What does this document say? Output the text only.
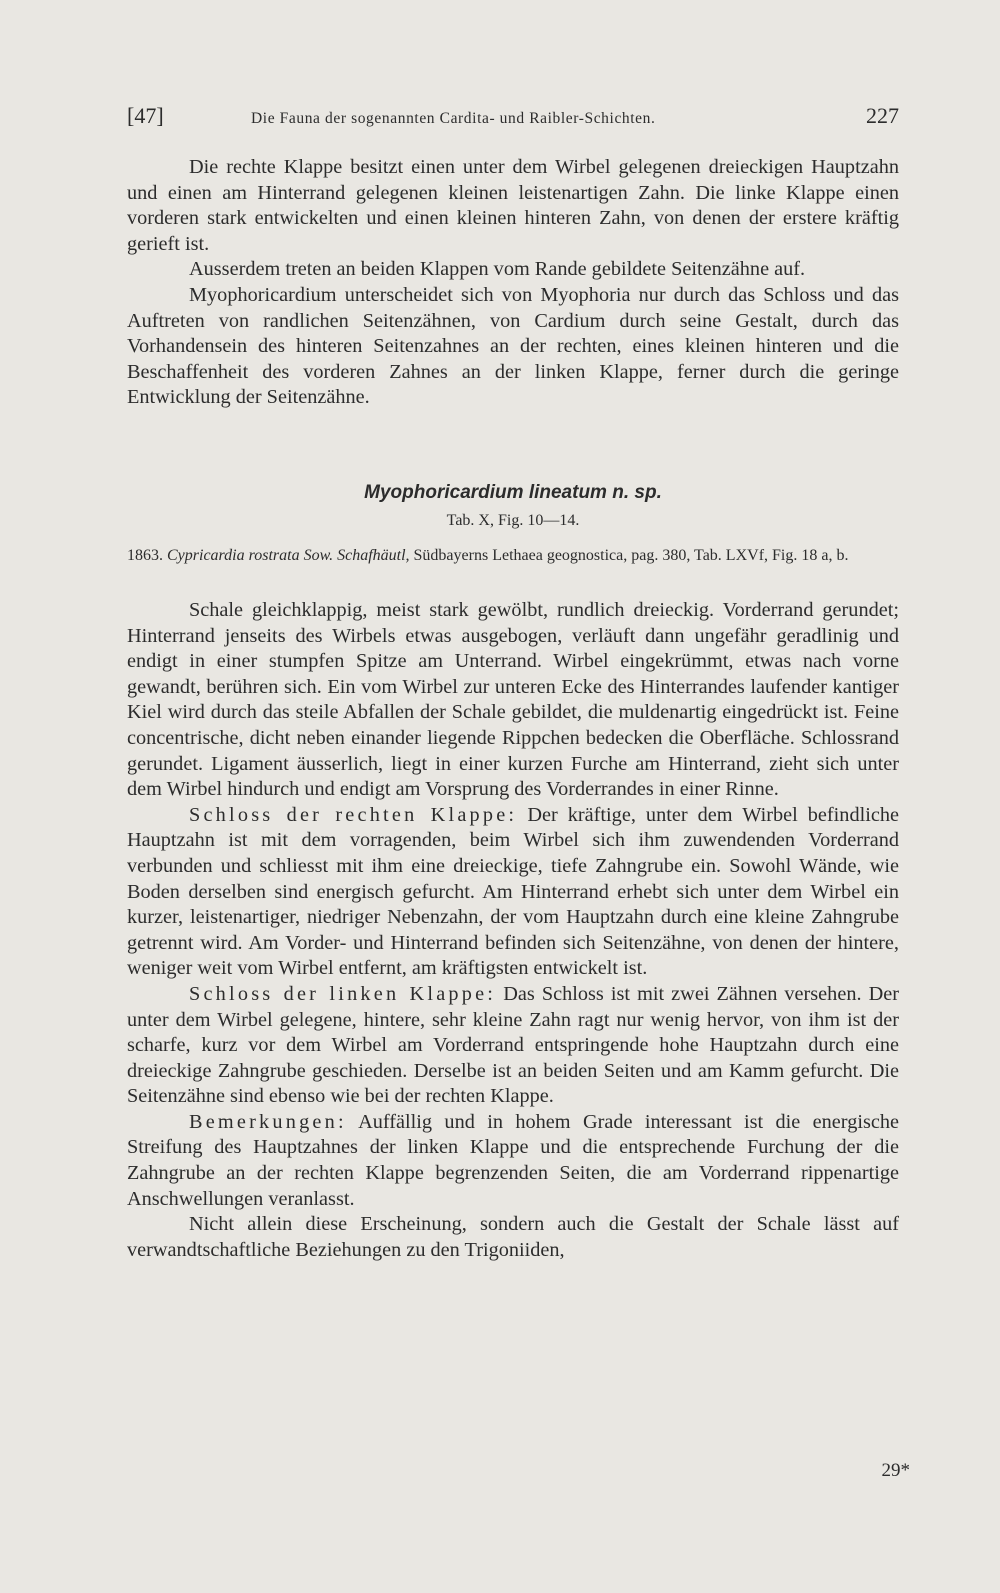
[47]	Die Fauna der sogenannten Cardita- und Raibler-Schichten.	227

Die rechte Klappe besitzt einen unter dem Wirbel gelegenen dreieckigen Hauptzahn und einen am Hinterrand gelegenen kleinen leistenartigen Zahn. Die linke Klappe einen vorderen stark entwickelten und einen kleinen hinteren Zahn, von denen der erstere kräftig gerieft ist.

Ausserdem treten an beiden Klappen vom Rande gebildete Seitenzähne auf.

Myophoricardium unterscheidet sich von Myophoria nur durch das Schloss und das Auftreten von randlichen Seitenzähnen, von Cardium durch seine Gestalt, durch das Vorhandensein des hinteren Seitenzahnes an der rechten, eines kleinen hinteren und die Beschaffenheit des vorderen Zahnes an der linken Klappe, ferner durch die geringe Entwicklung der Seitenzähne.

Myophoricardium lineatum n. sp.

Tab. X, Fig. 10—14.

1863. Cypricardia rostrata Sow. Schafhäutl, Südbayerns Lethaea geognostica, pag. 380, Tab. LXVf, Fig. 18 a, b.

Schale gleichklappig, meist stark gewölbt, rundlich dreieckig. Vorderrand gerundet; Hinterrand jenseits des Wirbels etwas ausgebogen, verläuft dann ungefähr geradlinig und endigt in einer stumpfen Spitze am Unterrand. Wirbel eingekrümmt, etwas nach vorne gewandt, berühren sich. Ein vom Wirbel zur unteren Ecke des Hinterrandes laufender kantiger Kiel wird durch das steile Abfallen der Schale gebildet, die muldenartig eingedrückt ist. Feine concentrische, dicht neben einander liegende Rippchen bedecken die Oberfläche. Schlossrand gerundet. Ligament äusserlich, liegt in einer kurzen Furche am Hinterrand, zieht sich unter dem Wirbel hindurch und endigt am Vorsprung des Vorderrandes in einer Rinne.

Schloss der rechten Klappe: Der kräftige, unter dem Wirbel befindliche Hauptzahn ist mit dem vorragenden, beim Wirbel sich ihm zuwendenden Vorderrand verbunden und schliesst mit ihm eine dreieckige, tiefe Zahngrube ein. Sowohl Wände, wie Boden derselben sind energisch gefurcht. Am Hinterrand erhebt sich unter dem Wirbel ein kurzer, leistenartiger, niedriger Nebenzahn, der vom Hauptzahn durch eine kleine Zahngrube getrennt wird. Am Vorder- und Hinterrand befinden sich Seitenzähne, von denen der hintere, weniger weit vom Wirbel entfernt, am kräftigsten entwickelt ist.

Schloss der linken Klappe: Das Schloss ist mit zwei Zähnen versehen. Der unter dem Wirbel gelegene, hintere, sehr kleine Zahn ragt nur wenig hervor, von ihm ist der scharfe, kurz vor dem Wirbel am Vorderrand entspringende hohe Hauptzahn durch eine dreieckige Zahngrube geschieden. Derselbe ist an beiden Seiten und am Kamm gefurcht. Die Seitenzähne sind ebenso wie bei der rechten Klappe.

Bemerkungen: Auffällig und in hohem Grade interessant ist die energische Streifung des Hauptzahnes der linken Klappe und die entsprechende Furchung der die Zahngrube an der rechten Klappe begrenzenden Seiten, die am Vorderrand rippenartige Anschwellungen veranlasst.

Nicht allein diese Erscheinung, sondern auch die Gestalt der Schale lässt auf verwandtschaftliche Beziehungen zu den Trigoniiden,

29*
